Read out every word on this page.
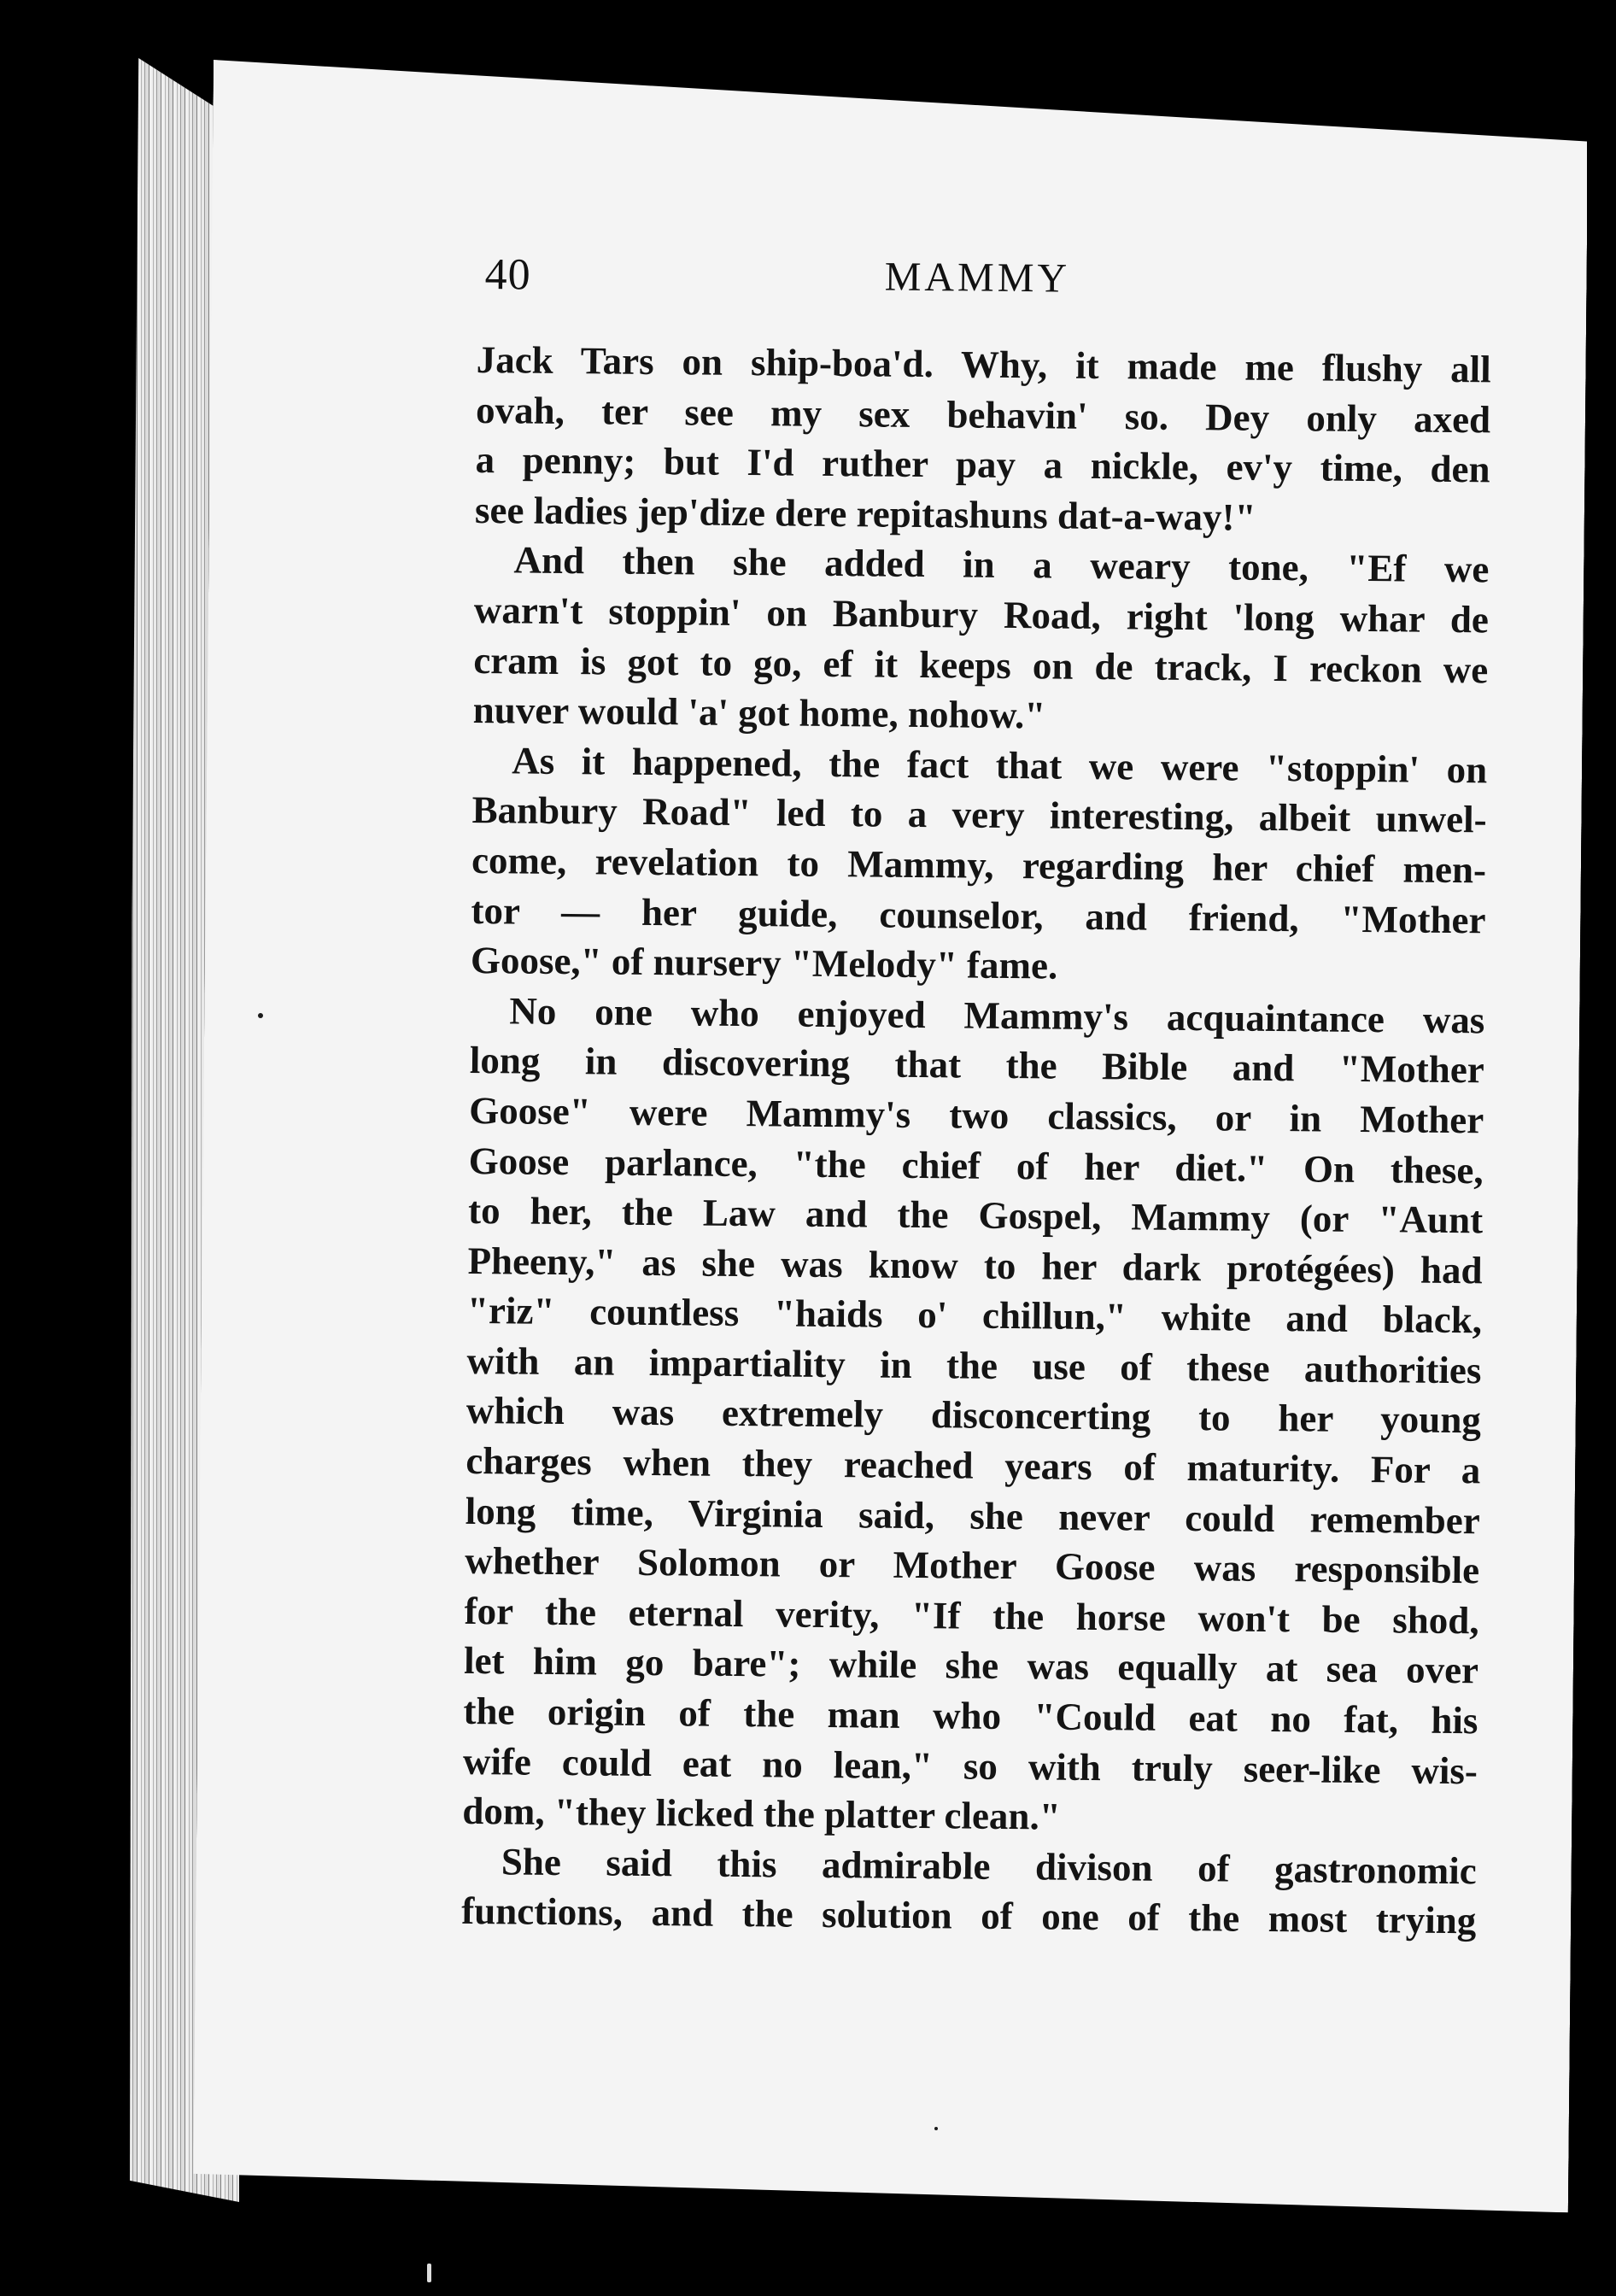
40	MAMMY
Jack Tars on ship-boa'd. Why, it made me flushy all
ovah, ter see my sex behavin' so. Dey only axed
a penny; but I'd ruther pay a nickle, ev'y time, den
see ladies jep'dize dere repitashuns dat-a-way!"
And then she added in a weary tone, "Ef we
warn't stoppin' on Banbury Road, right 'long whar de
cram is got to go, ef it keeps on de track, I reckon we
nuver would 'a' got home, nohow."
As it happened, the fact that we were "stoppin' on
Banbury Road" led to a very interesting, albeit unwel-
come, revelation to Mammy, regarding her chief men-
tor — her guide, counselor, and friend, "Mother
Goose," of nursery "Melody" fame.
No one who enjoyed Mammy's acquaintance was
long in discovering that the Bible and "Mother
Goose" were Mammy's two classics, or in Mother
Goose parlance, "the chief of her diet." On these,
to her, the Law and the Gospel, Mammy (or "Aunt
Pheeny," as she was know to her dark protégées) had
"riz" countless "haids o' chillun," white and black,
with an impartiality in the use of these authorities
which was extremely disconcerting to her young
charges when they reached years of maturity. For a
long time, Virginia said, she never could remember
whether Solomon or Mother Goose was responsible
for the eternal verity, "If the horse won't be shod,
let him go bare"; while she was equally at sea over
the origin of the man who "Could eat no fat, his
wife could eat no lean," so with truly seer-like wis-
dom, "they licked the platter clean."
She said this admirable divison of gastronomic
functions, and the solution of one of the most trying
